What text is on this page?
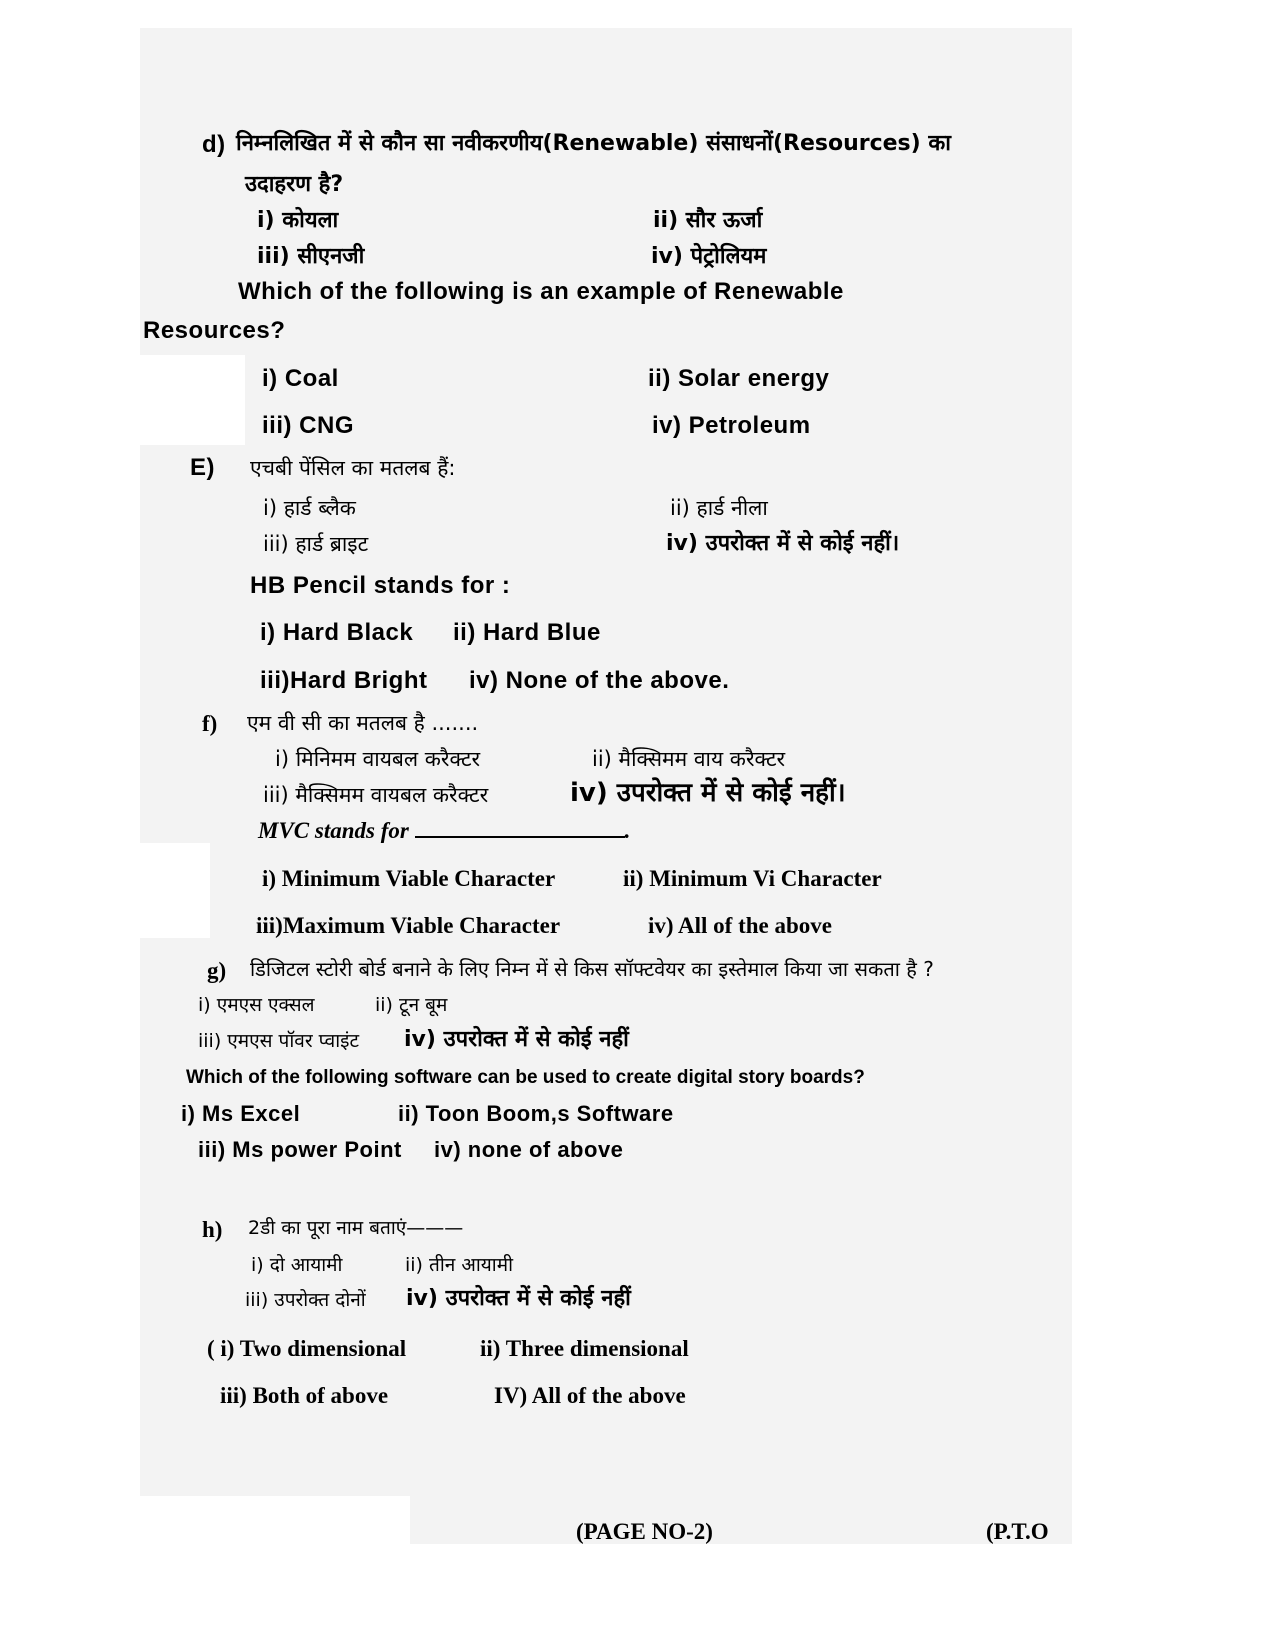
d) निम्नलिखित में से कौन सा नवीकरणीय(Renewable) संसाधनों(Resources) का
उदाहरण है?
i) कोयला	ii) सौर ऊर्जा
iii) सीएनजी	iv) पेट्रोलियम
Which of the following is an example of Renewable
Resources?
i) Coal	ii) Solar energy
iii) CNG	iv) Petroleum
E) एचबी पेंसिल का मतलब हैं:
i) हार्ड ब्लैक	ii) हार्ड नीला
iii) हार्ड ब्राइट	iv) उपरोक्त में से कोई नहीं।
HB Pencil stands for :
i) Hard Black ii) Hard Blue
iii)Hard Bright iv) None of the above.
f) एम वी सी का मतलब है .......
i) मिनिमम वायबल करैक्टर	ii) मैक्सिमम वाय करैक्टर
iii) मैक्सिमम वायबल करैक्टर	iv) उपरोक्त में से कोई नहीं।
MVC stands for	.
i) Minimum Viable Character	ii) Minimum Vi Character
iii)Maximum Viable Character	iv) All of the above
g) डिजिटल स्टोरी बोर्ड बनाने के लिए निम्न में से किस सॉफ्टवेयर का इस्तेमाल किया जा सकता है ?
i) एमएस एक्सल	ii) टून बूम
iii) एमएस पॉवर प्वाइंट iv) उपरोक्त में से कोई नहीं
Which of the following software can be used to create digital story boards?
i) Ms Excel	ii) Toon Boom,s Software
iii) Ms power Point iv) none of above
h) 2डी का पूरा नाम बताएं———
i) दो आयामी	ii) तीन आयामी
iii) उपरोक्त दोनों iv) उपरोक्त में से कोई नहीं
( i) Two dimensional	ii) Three dimensional
iii) Both of above	IV) All of the above
(PAGE NO-2)	(P.T.O
